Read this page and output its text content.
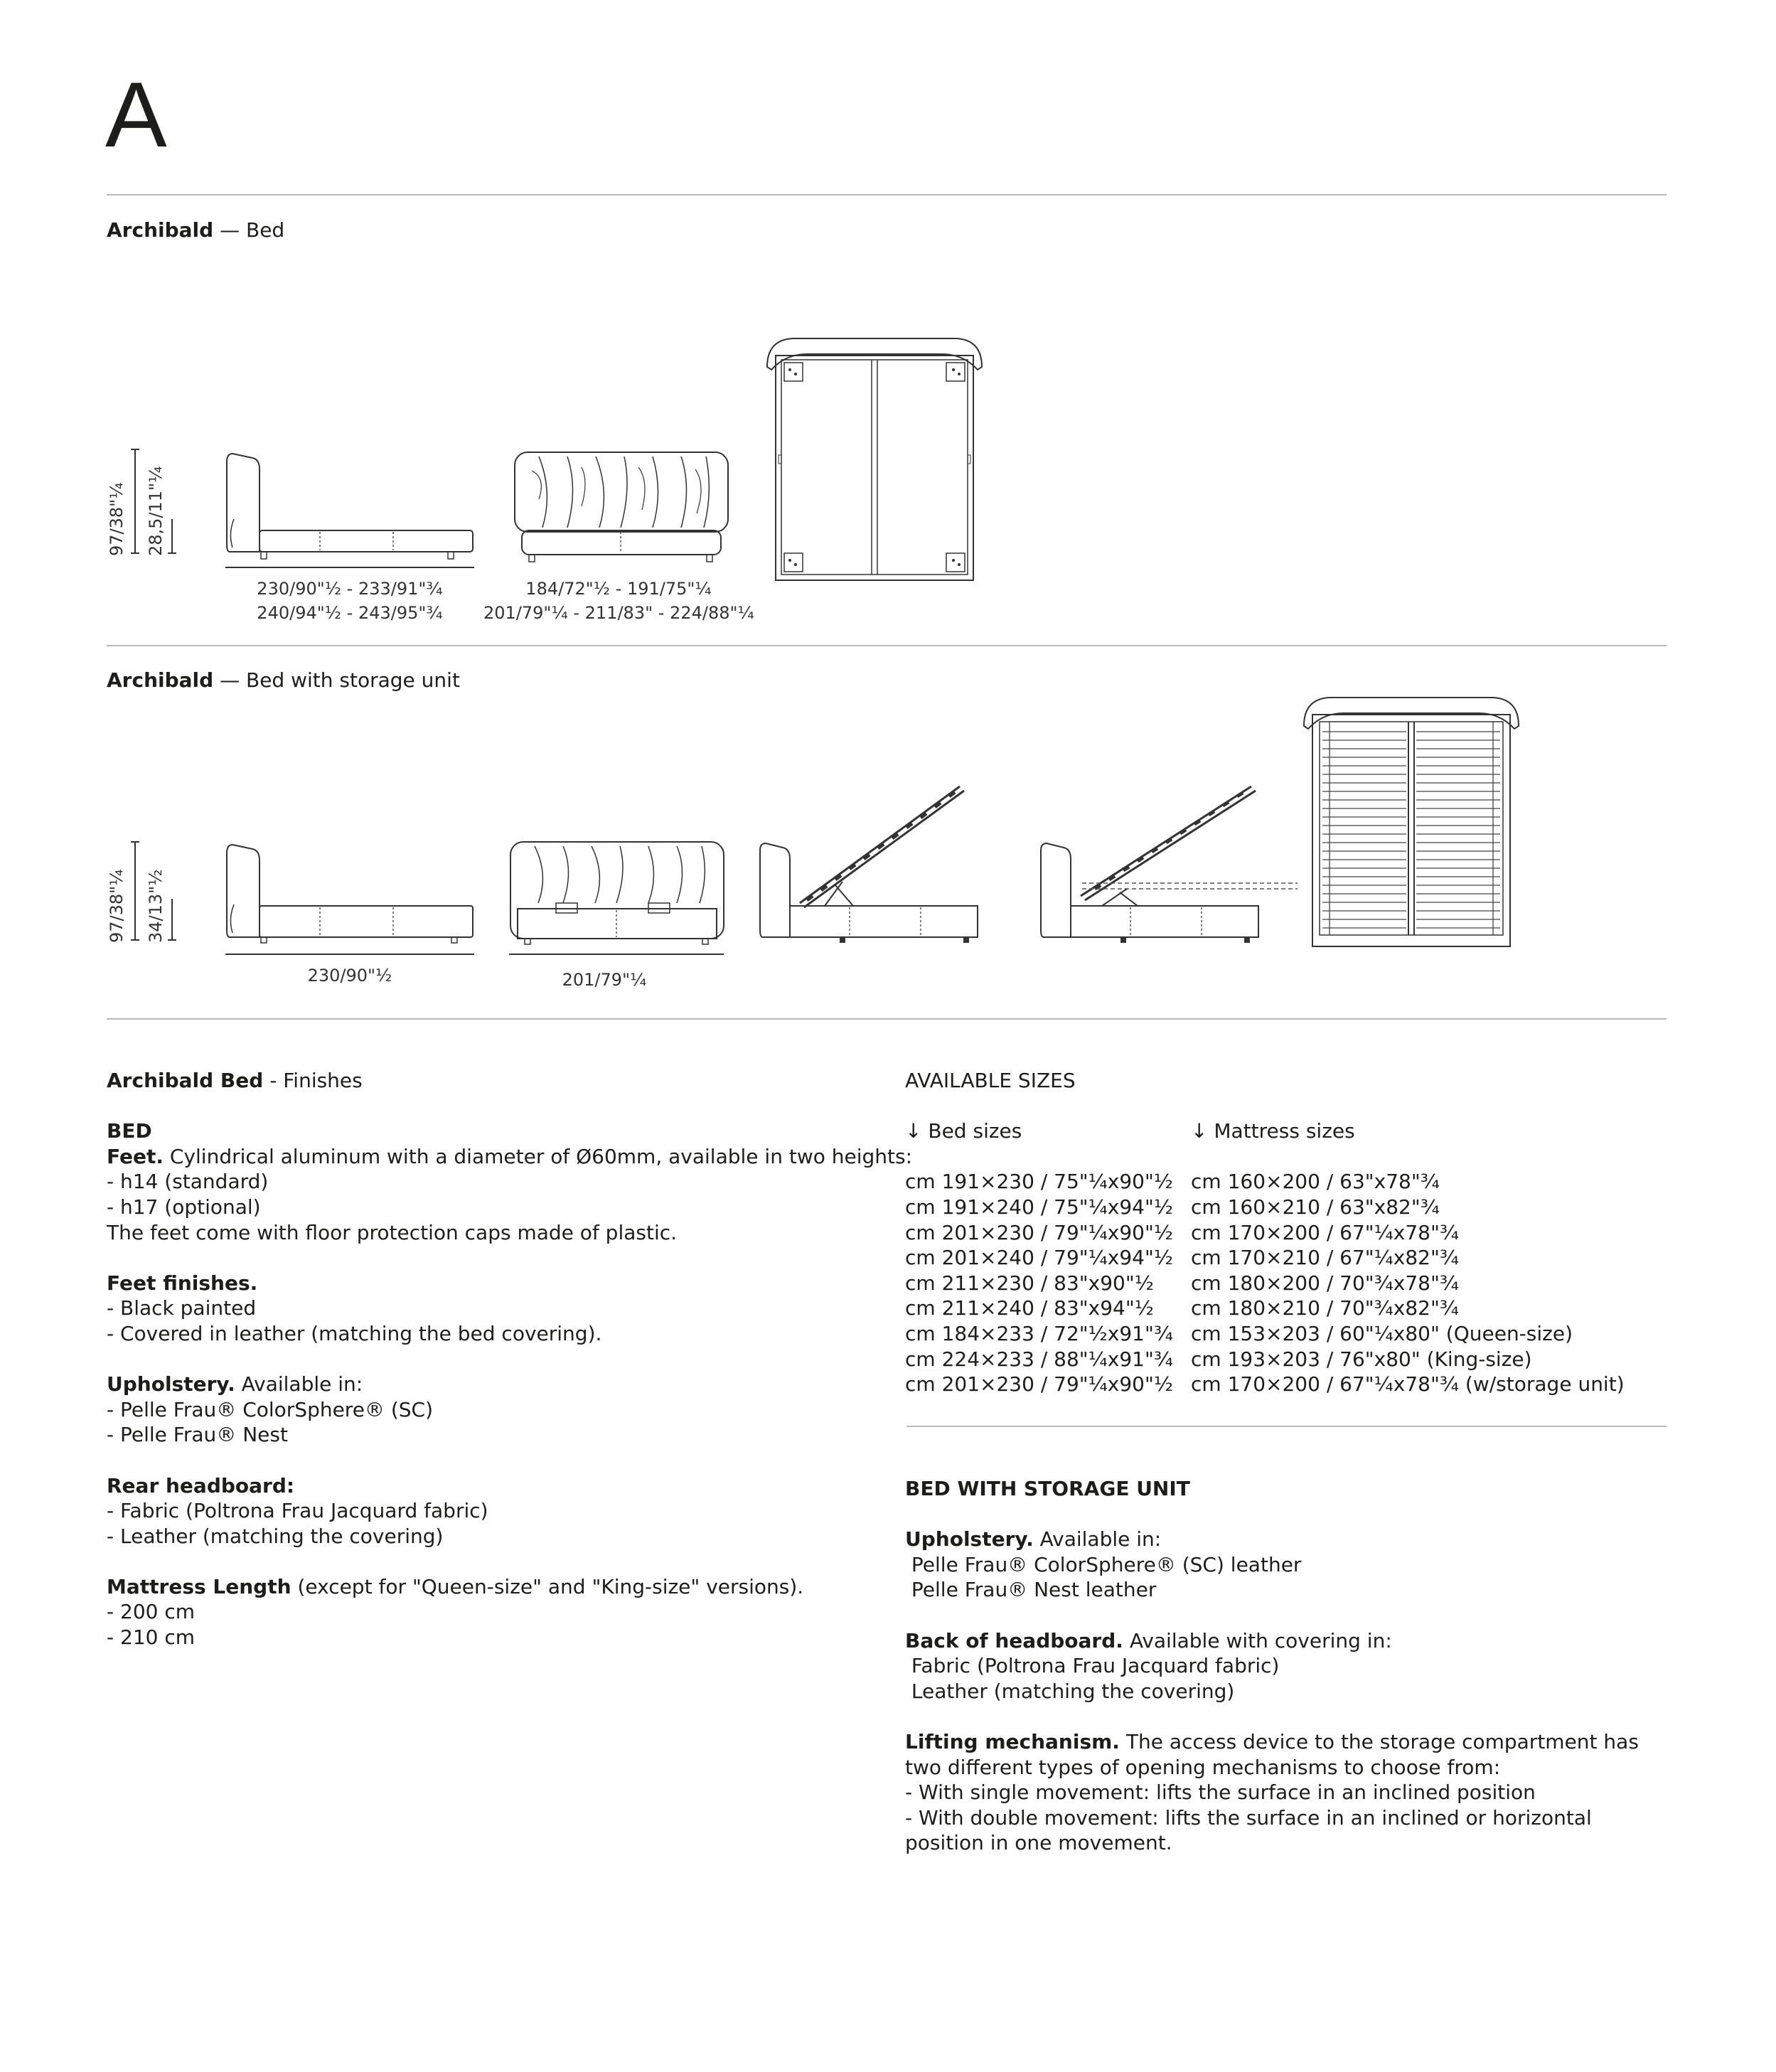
A
Archibald — Bed
97/38"¼ 28,5/11"¼
230/90"½ - 233/91"¾
240/94"½ - 243/95"¾
184/72"½ - 191/75"¼
201/79"¼ - 211/83" - 224/88"¼
Archibald — Bed with storage unit
97/38"¼ 34/13"½
230/90"½	201/79"¼

Archibald Bed - Finishes

BED

Feet. Cylindrical aluminum with a diameter of Ø60mm, available in two heights:

- h14 (standard)

- h17 (optional)

The feet come with floor protection caps made of plastic.

Feet finishes.

- Black painted

- Covered in leather (matching the bed covering).

Upholstery. Available in:

- Pelle Frau® ColorSphere® (SC)

- Pelle Frau® Nest

Rear headboard:

- Fabric (Poltrona Frau Jacquard fabric)

- Leather (matching the covering)

Mattress Length (except for "Queen-size" and "King-size" versions).

- 200 cm

- 210 cm

AVAILABLE SIZES

↓ Bed sizes	↓ Mattress sizes

cm 191×230 / 75"¼x90"½	cm 160×200 / 63"x78"¾
cm 191×240 / 75"¼x94"½	cm 160×210 / 63"x82"¾
cm 201×230 / 79"¼x90"½	cm 170×200 / 67"¼x78"¾
cm 201×240 / 79"¼x94"½	cm 170×210 / 67"¼x82"¾
cm 211×230 / 83"x90"½	cm 180×200 / 70"¾x78"¾
cm 211×240 / 83"x94"½	cm 180×210 / 70"¾x82"¾
cm 184×233 / 72"½x91"¾	cm 153×203 / 60"¼x80" (Queen-size)
cm 224×233 / 88"¼x91"¾	cm 193×203 / 76"x80" (King-size)
cm 201×230 / 79"¼x90"½	cm 170×200 / 67"¼x78"¾ (w/storage unit)

BED WITH STORAGE UNIT

Upholstery. Available in:

Pelle Frau® ColorSphere® (SC) leather

Pelle Frau® Nest leather

Back of headboard. Available with covering in:

Fabric (Poltrona Frau Jacquard fabric)

Leather (matching the covering)

Lifting mechanism. The access device to the storage compartment has two different types of opening mechanisms to choose from:

- With single movement: lifts the surface in an inclined position

- With double movement: lifts the surface in an inclined or horizontal position in one movement.
